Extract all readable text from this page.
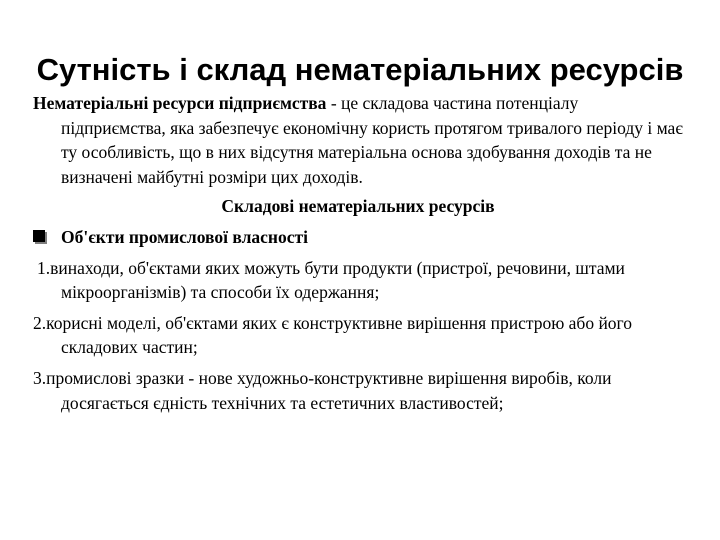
Сутність і склад нематеріальних ресурсів

Нематеріальні ресурси підприємства - це складова частина потенціалу підприємства, яка забезпечує економічну користь протягом тривалого періоду і має ту особливість, що в них відсутня матеріальна основа здобування доходів та не визначені майбутні розміри цих доходів.

Складові нематеріальних ресурсів

Об'єкти промислової власності

1.винаходи, об'єктами яких можуть бути продукти (пристрої, речовини, штами мікроорганізмів) та способи їх одержання;

2.корисні моделі, об'єктами яких є конструктивне вирішення пристрою або його складових частин;

3.промислові зразки - нове художньо-конструктивне вирішення виробів, коли досягається єдність технічних та естетичних властивостей;
